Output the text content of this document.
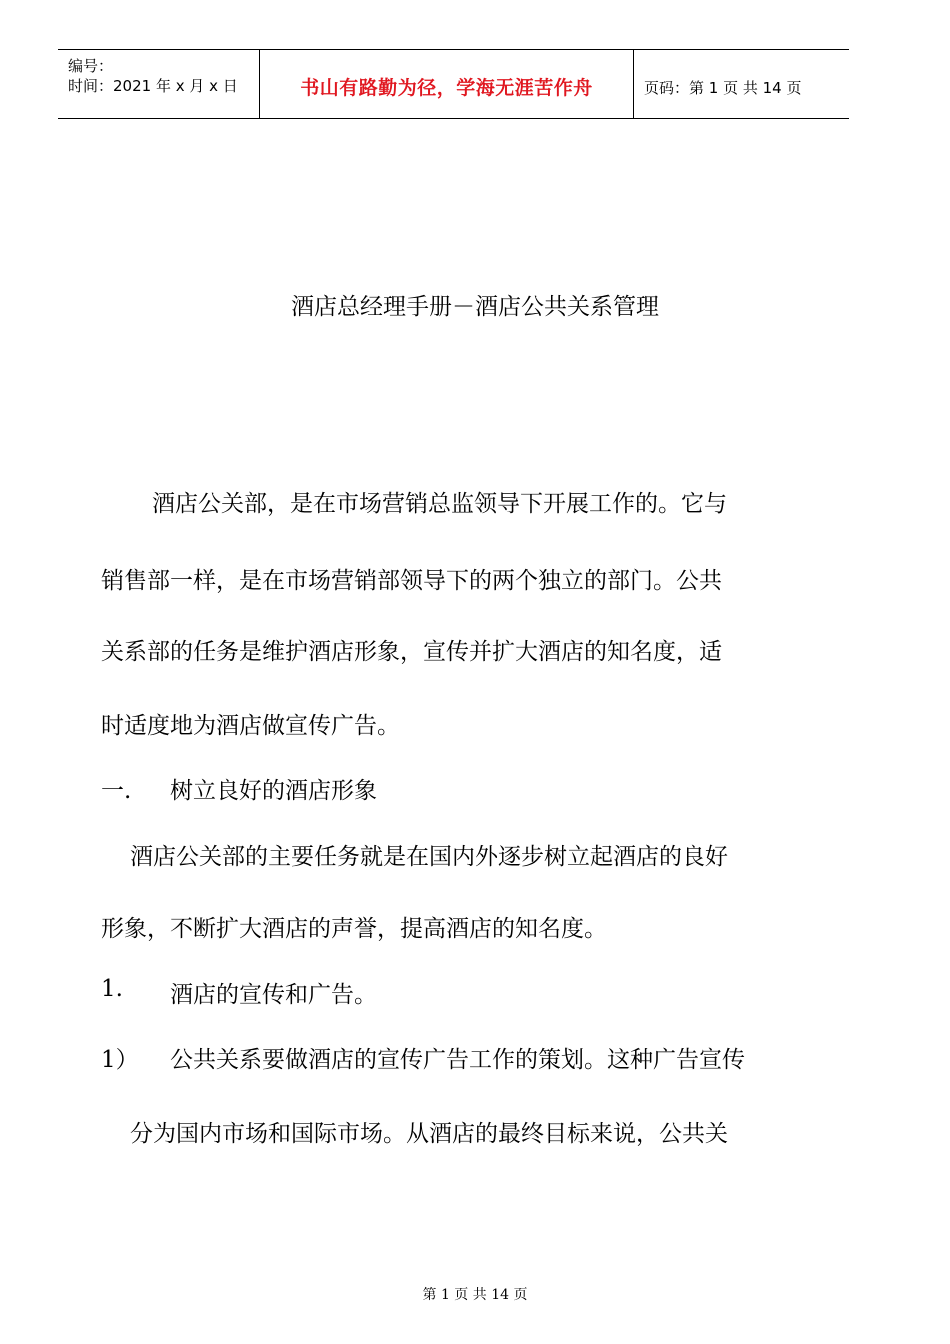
编号：
时间：2021 年 x 月 x 日	书山有路勤为径，学海无涯苦作舟	页码：第 1 页 共 14 页
酒店总经理手册－酒店公共关系管理
酒店公关部，是在市场营销总监领导下开展工作的。它与
销售部一样，是在市场营销部领导下的两个独立的部门。公共
关系部的任务是维护酒店形象，宣传并扩大酒店的知名度，适
时适度地为酒店做宣传广告。
一. 树立良好的酒店形象
酒店公关部的主要任务就是在国内外逐步树立起酒店的良好
形象，不断扩大酒店的声誉，提高酒店的知名度。
1. 酒店的宣传和广告。
1） 公共关系要做酒店的宣传广告工作的策划。这种广告宣传
分为国内市场和国际市场。从酒店的最终目标来说，公共关
第 1 页 共 14 页
